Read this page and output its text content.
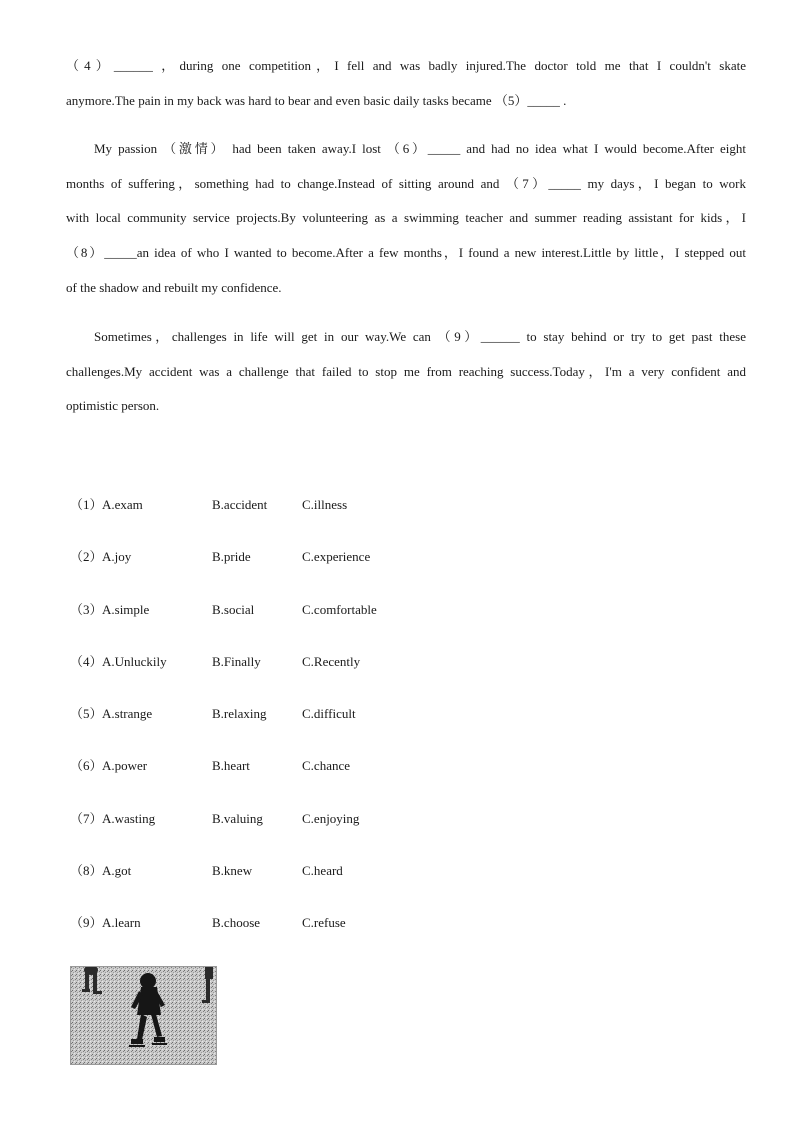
（4）______ ，during one competition，I fell and was badly injured.The doctor told me that I couldn't skate
anymore.The pain in my back was hard to bear and even basic daily tasks became （5）_____ .
My passion （激情） had been taken away.I lost （6）_____ and had no idea what I would become.After eight
months of suffering，something had to change.Instead of sitting around and （7）_____ my days，I began to work
with local community service projects.By volunteering as a swimming teacher and summer reading assistant for kids，I
（8）_____an idea of who I wanted to become.After a few months，I found a new interest.Little by little，I stepped out
of the shadow and rebuilt my confidence.
Sometimes，challenges in life will get in our way.We can （9）______ to stay behind or try to get past these
challenges.My accident was a challenge that failed to stop me from reaching success.Today，I'm a very confident and
optimistic person.
（1） A.exam	B.accident	C.illness
（2） A.joy	B.pride	C.experience
（3） A.simple	B.social	C.comfortable
（4） A.Unluckily	B.Finally	C.Recently
（5） A.strange	B.relaxing	C.difficult
（6） A.power	B.heart	C.chance
（7） A.wasting	B.valuing	C.enjoying
（8） A.got	B.knew	C.heard
（9） A.learn	B.choose	C.refuse
